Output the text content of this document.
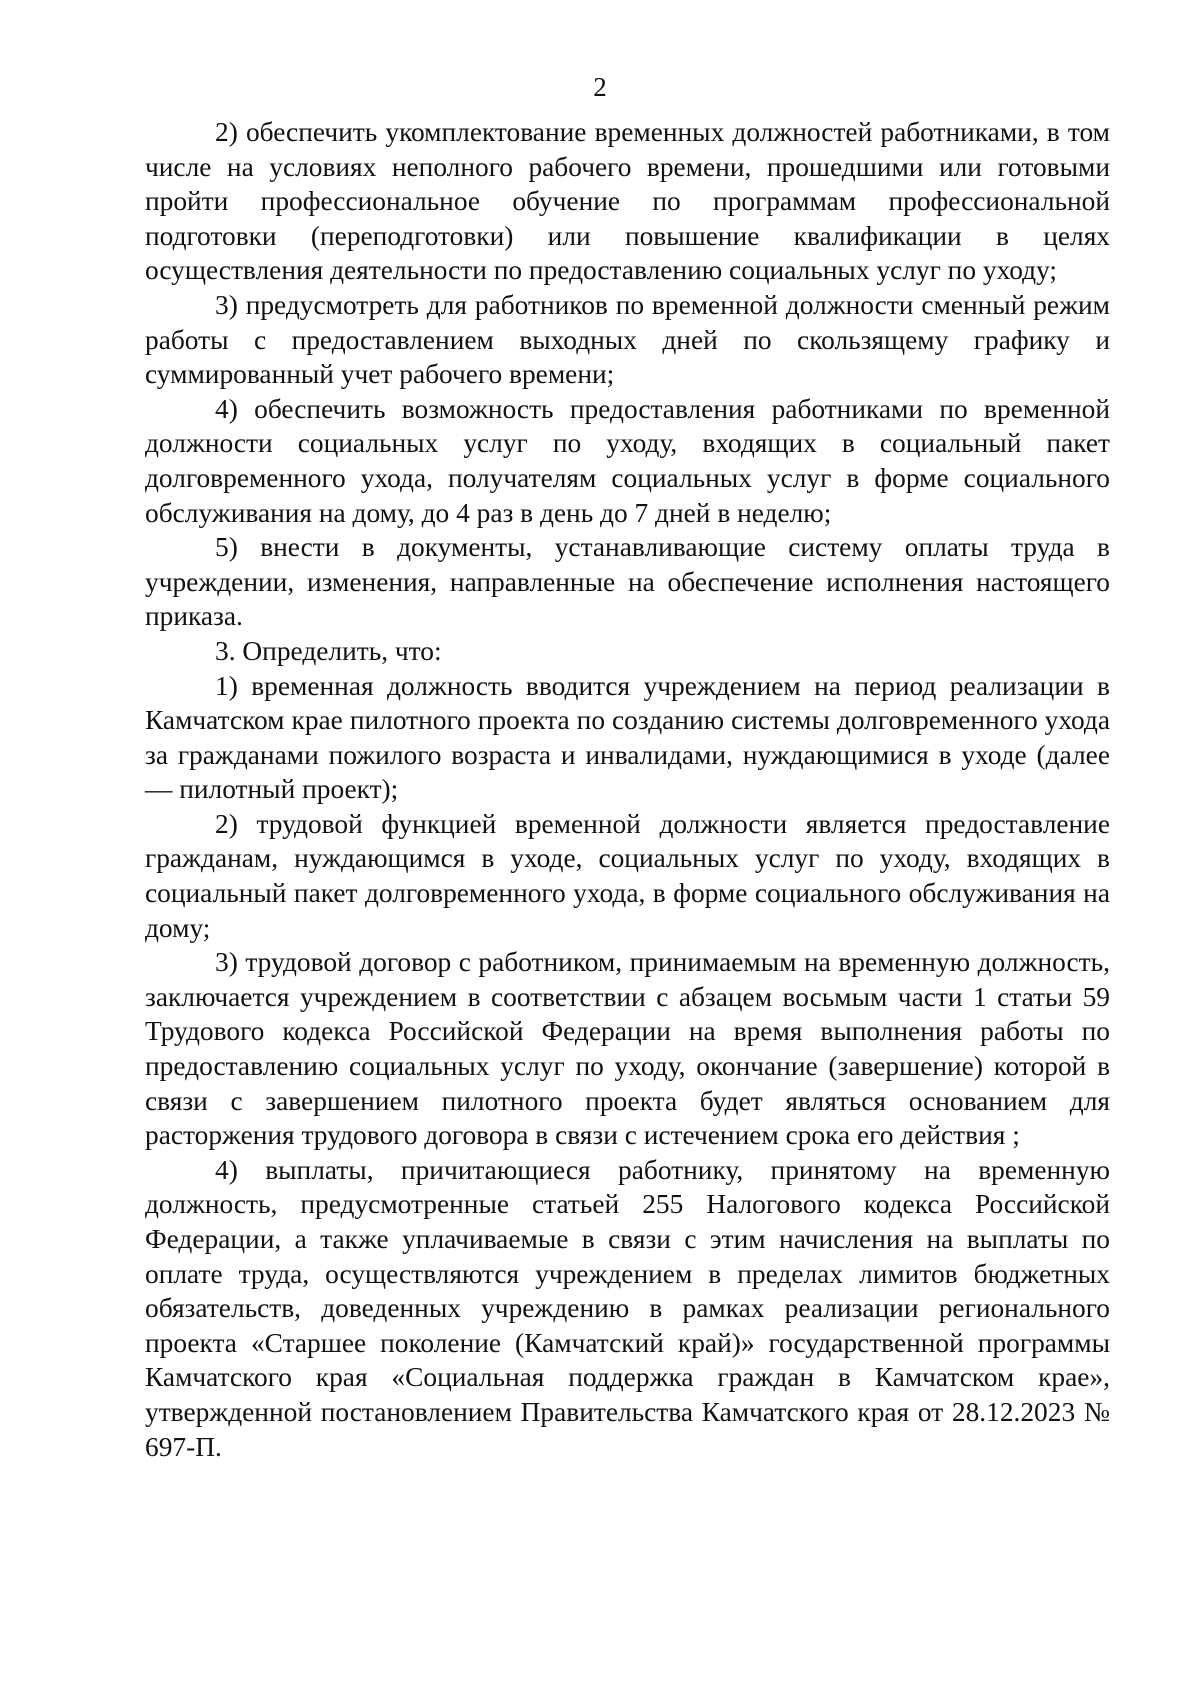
2

2) обеспечить укомплектование временных должностей работниками, в том числе на условиях неполного рабочего времени, прошедшими или готовыми пройти профессиональное обучение по программам профессиональной подготовки (переподготовки) или повышение квалификации в целях осуществления деятельности по предоставлению социальных услуг по уходу;

3) предусмотреть для работников по временной должности сменный режим работы с предоставлением выходных дней по скользящему графику и суммированный учет рабочего времени;

4) обеспечить возможность предоставления работниками по временной должности социальных услуг по уходу, входящих в социальный пакет долговременного ухода, получателям социальных услуг в форме социального обслуживания на дому, до 4 раз в день до 7 дней в неделю;

5) внести в документы, устанавливающие систему оплаты труда в учреждении, изменения, направленные на обеспечение исполнения настоящего приказа.

3. Определить, что:

1) временная должность вводится учреждением на период реализации в Камчатском крае пилотного проекта по созданию системы долговременного ухода за гражданами пожилого возраста и инвалидами, нуждающимися в уходе (далее — пилотный проект);

2) трудовой функцией временной должности является предоставление гражданам, нуждающимся в уходе, социальных услуг по уходу, входящих в социальный пакет долговременного ухода, в форме социального обслуживания на дому;

3) трудовой договор с работником, принимаемым на временную должность, заключается учреждением в соответствии с абзацем восьмым части 1 статьи 59 Трудового кодекса Российской Федерации на время выполнения работы по предоставлению социальных услуг по уходу, окончание (завершение) которой в связи с завершением пилотного проекта будет являться основанием для расторжения трудового договора в связи с истечением срока его действия ;

4) выплаты, причитающиеся работнику, принятому на временную должность, предусмотренные статьей 255 Налогового кодекса Российской Федерации, а также уплачиваемые в связи с этим начисления на выплаты по оплате труда, осуществляются учреждением в пределах лимитов бюджетных обязательств, доведенных учреждению в рамках реализации регионального проекта «Старшее поколение (Камчатский край)» государственной программы Камчатского края «Социальная поддержка граждан в Камчатском крае», утвержденной постановлением Правительства Камчатского края от 28.12.2023 № 697-П.
